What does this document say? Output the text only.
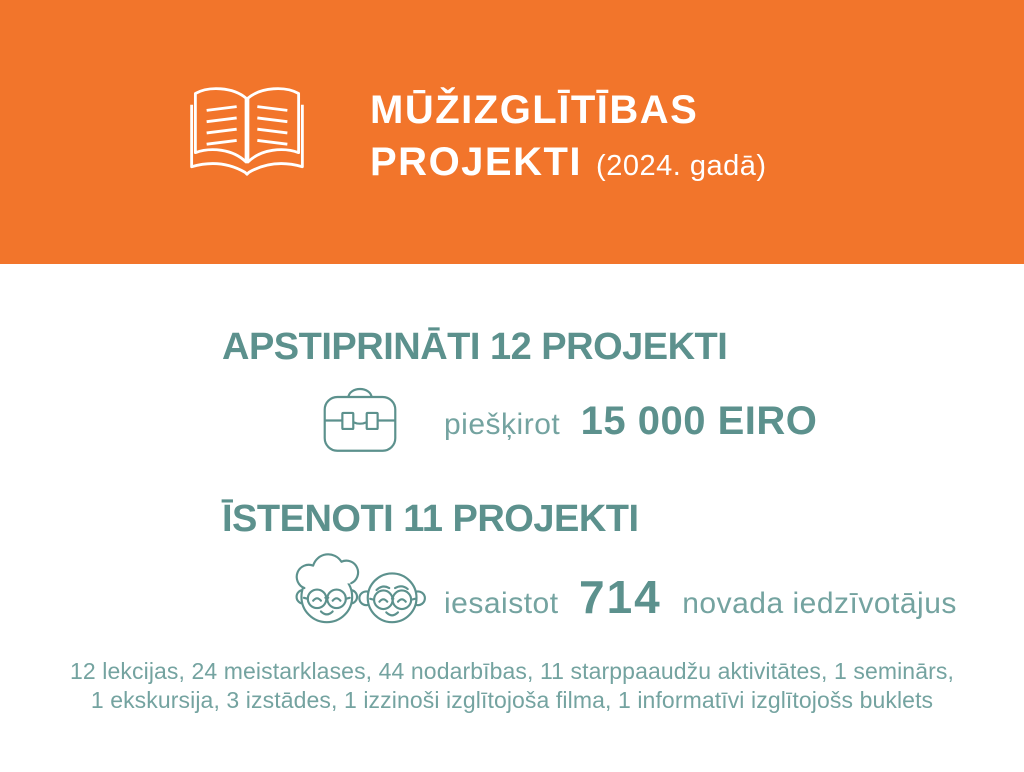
MŪŽIZGLĪTĪBAS
PROJEKTI (2024. gadā)
APSTIPRINĀTI 12 PROJEKTI
piešķirot 15 000 EIRO
ĪSTENOTI 11 PROJEKTI
iesaistot 714 novada iedzīvotājus
12 lekcijas, 24 meistarklases, 44 nodarbības, 11 starppaaudžu aktivitātes, 1 seminārs,
1 ekskursija, 3 izstādes, 1 izzinoši izglītojoša filma, 1 informatīvi izglītojošs buklets
